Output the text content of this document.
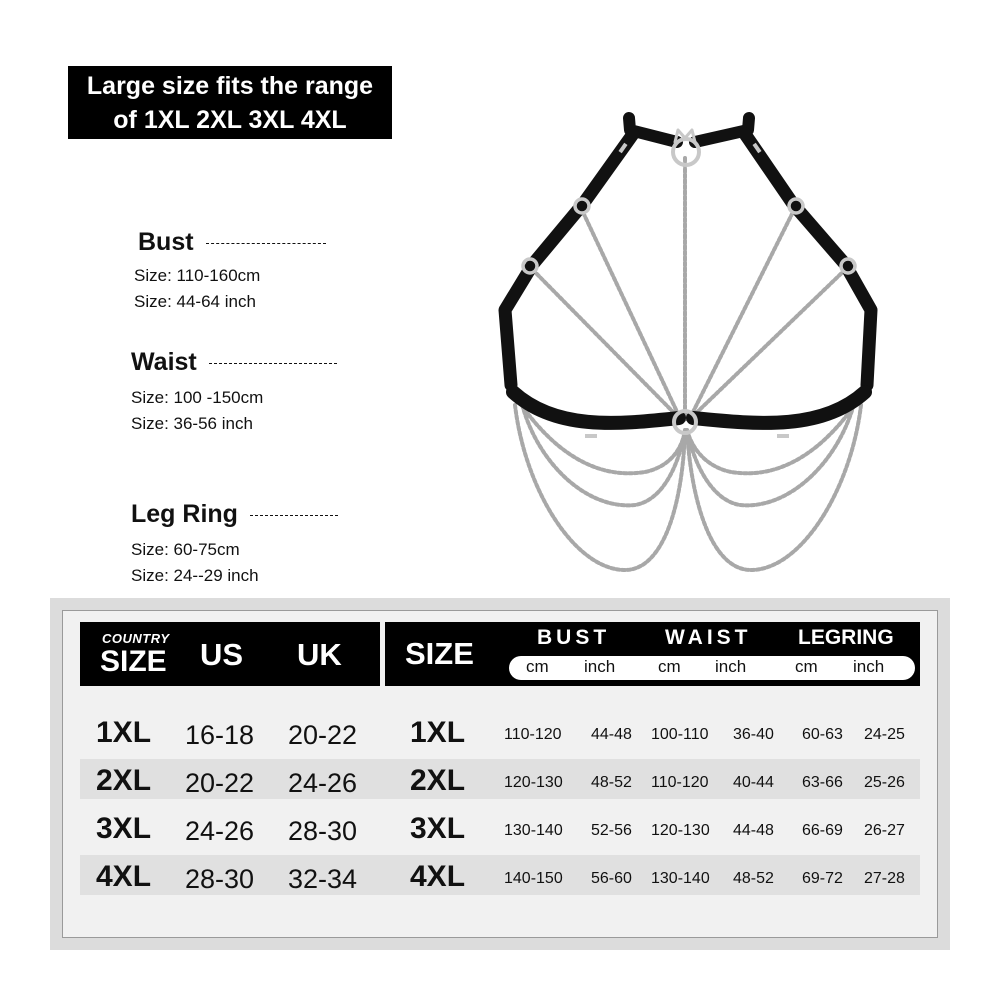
Large size fits the range
of 1XL 2XL 3XL 4XL
Bust
Size: 110-160cm
Size: 44-64 inch
Waist
Size: 100 -150cm
Size: 36-56 inch
Leg Ring
Size: 60-75cm
Size: 24--29 inch
COUNTRY
SIZE US UK SIZE	BUST	WAIST LEGRING
cm inch	cm inch	cm inch
1XL 16-18 20-22 1XL 110-120 44-48 100-110 36-40 60-63 24-25
2XL 20-22 24-26 2XL 120-130 48-52 110-120 40-44 63-66 25-26
3XL 24-26 28-30 3XL 130-140 52-56 120-130 44-48 66-69 26-27
4XL 28-30 32-34 4XL 140-150 56-60 130-140 48-52 69-72 27-28
